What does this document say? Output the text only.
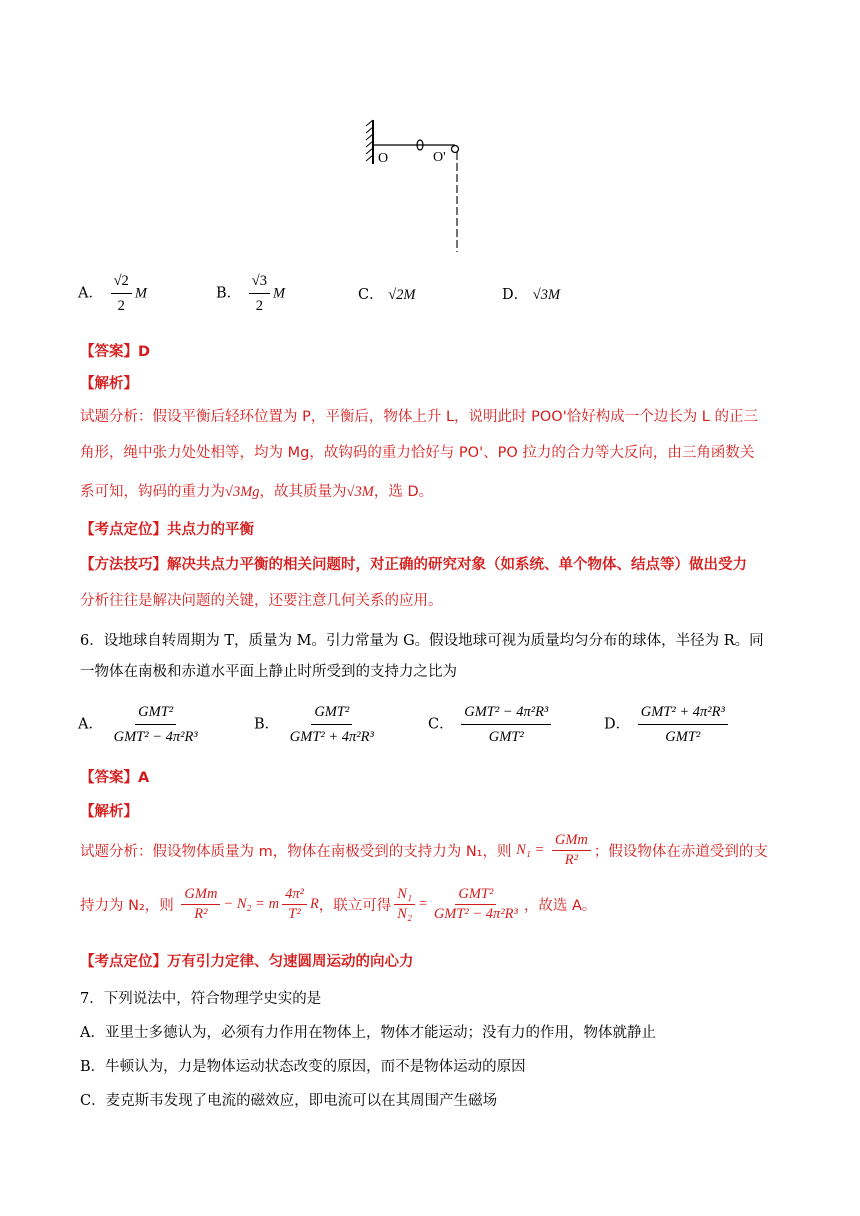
O	O'
A． $\frac{√2}{2}$ M	B． $\frac{√3}{2}$ M	C． √2M	D． √3M
【答案】D
【解析】
试题分析：假设平衡后轻环位置为 P，平衡后，物体上升 L，说明此时 POO'恰好构成一个边长为 L 的正三
角形，绳中张力处处相等，均为 Mg，故钩码的重力恰好与 PO'、PO 拉力的合力等大反向，由三角函数关
系可知，钩码的重力为√3Mg，故其质量为√3M，选 D。
【考点定位】共点力的平衡
【方法技巧】解决共点力平衡的相关问题时，对正确的研究对象（如系统、单个物体、结点等）做出受力
分析往往是解决问题的关键，还要注意几何关系的应用。
6．设地球自转周期为 T，质量为 M。引力常量为 G。假设地球可视为质量均匀分布的球体，半径为 R。同
一物体在南极和赤道水平面上静止时所受到的支持力之比为
A． $\frac{\text{GMT²}}{\text{GMT² − 4π²R³}}$	B． $\frac{\text{GMT²}}{\text{GMT² + 4π²R³}}$	C． $\frac{\text{GMT² − 4π²R³}}{\text{GMT²}}$	D． $\frac{\text{GMT² + 4π²R³}}{\text{GMT²}}$
【答案】A
【解析】
试题分析：假设物体质量为 m，物体在南极受到的支持力为 N₁，则 $N_1 = \frac{\text{GMm}}{\text{R²}}$ ；假设物体在赤道受到的支
持力为 N₂，则 $\frac{\text{GMm}}{\text{R²}} - N_2 = m \frac{\text{4π²}}{\text{T²}}$ R，联立可得 $\frac{\text{N₁}}{\text{N₂}} = \frac{\text{GMT²}}{\text{GMT² − 4π²R³}}$ ，故选 A。
【考点定位】万有引力定律、匀速圆周运动的向心力
7．下列说法中，符合物理学史实的是
A．亚里士多德认为，必须有力作用在物体上，物体才能运动；没有力的作用，物体就静止
B．牛顿认为，力是物体运动状态改变的原因，而不是物体运动的原因
C．麦克斯韦发现了电流的磁效应，即电流可以在其周围产生磁场
